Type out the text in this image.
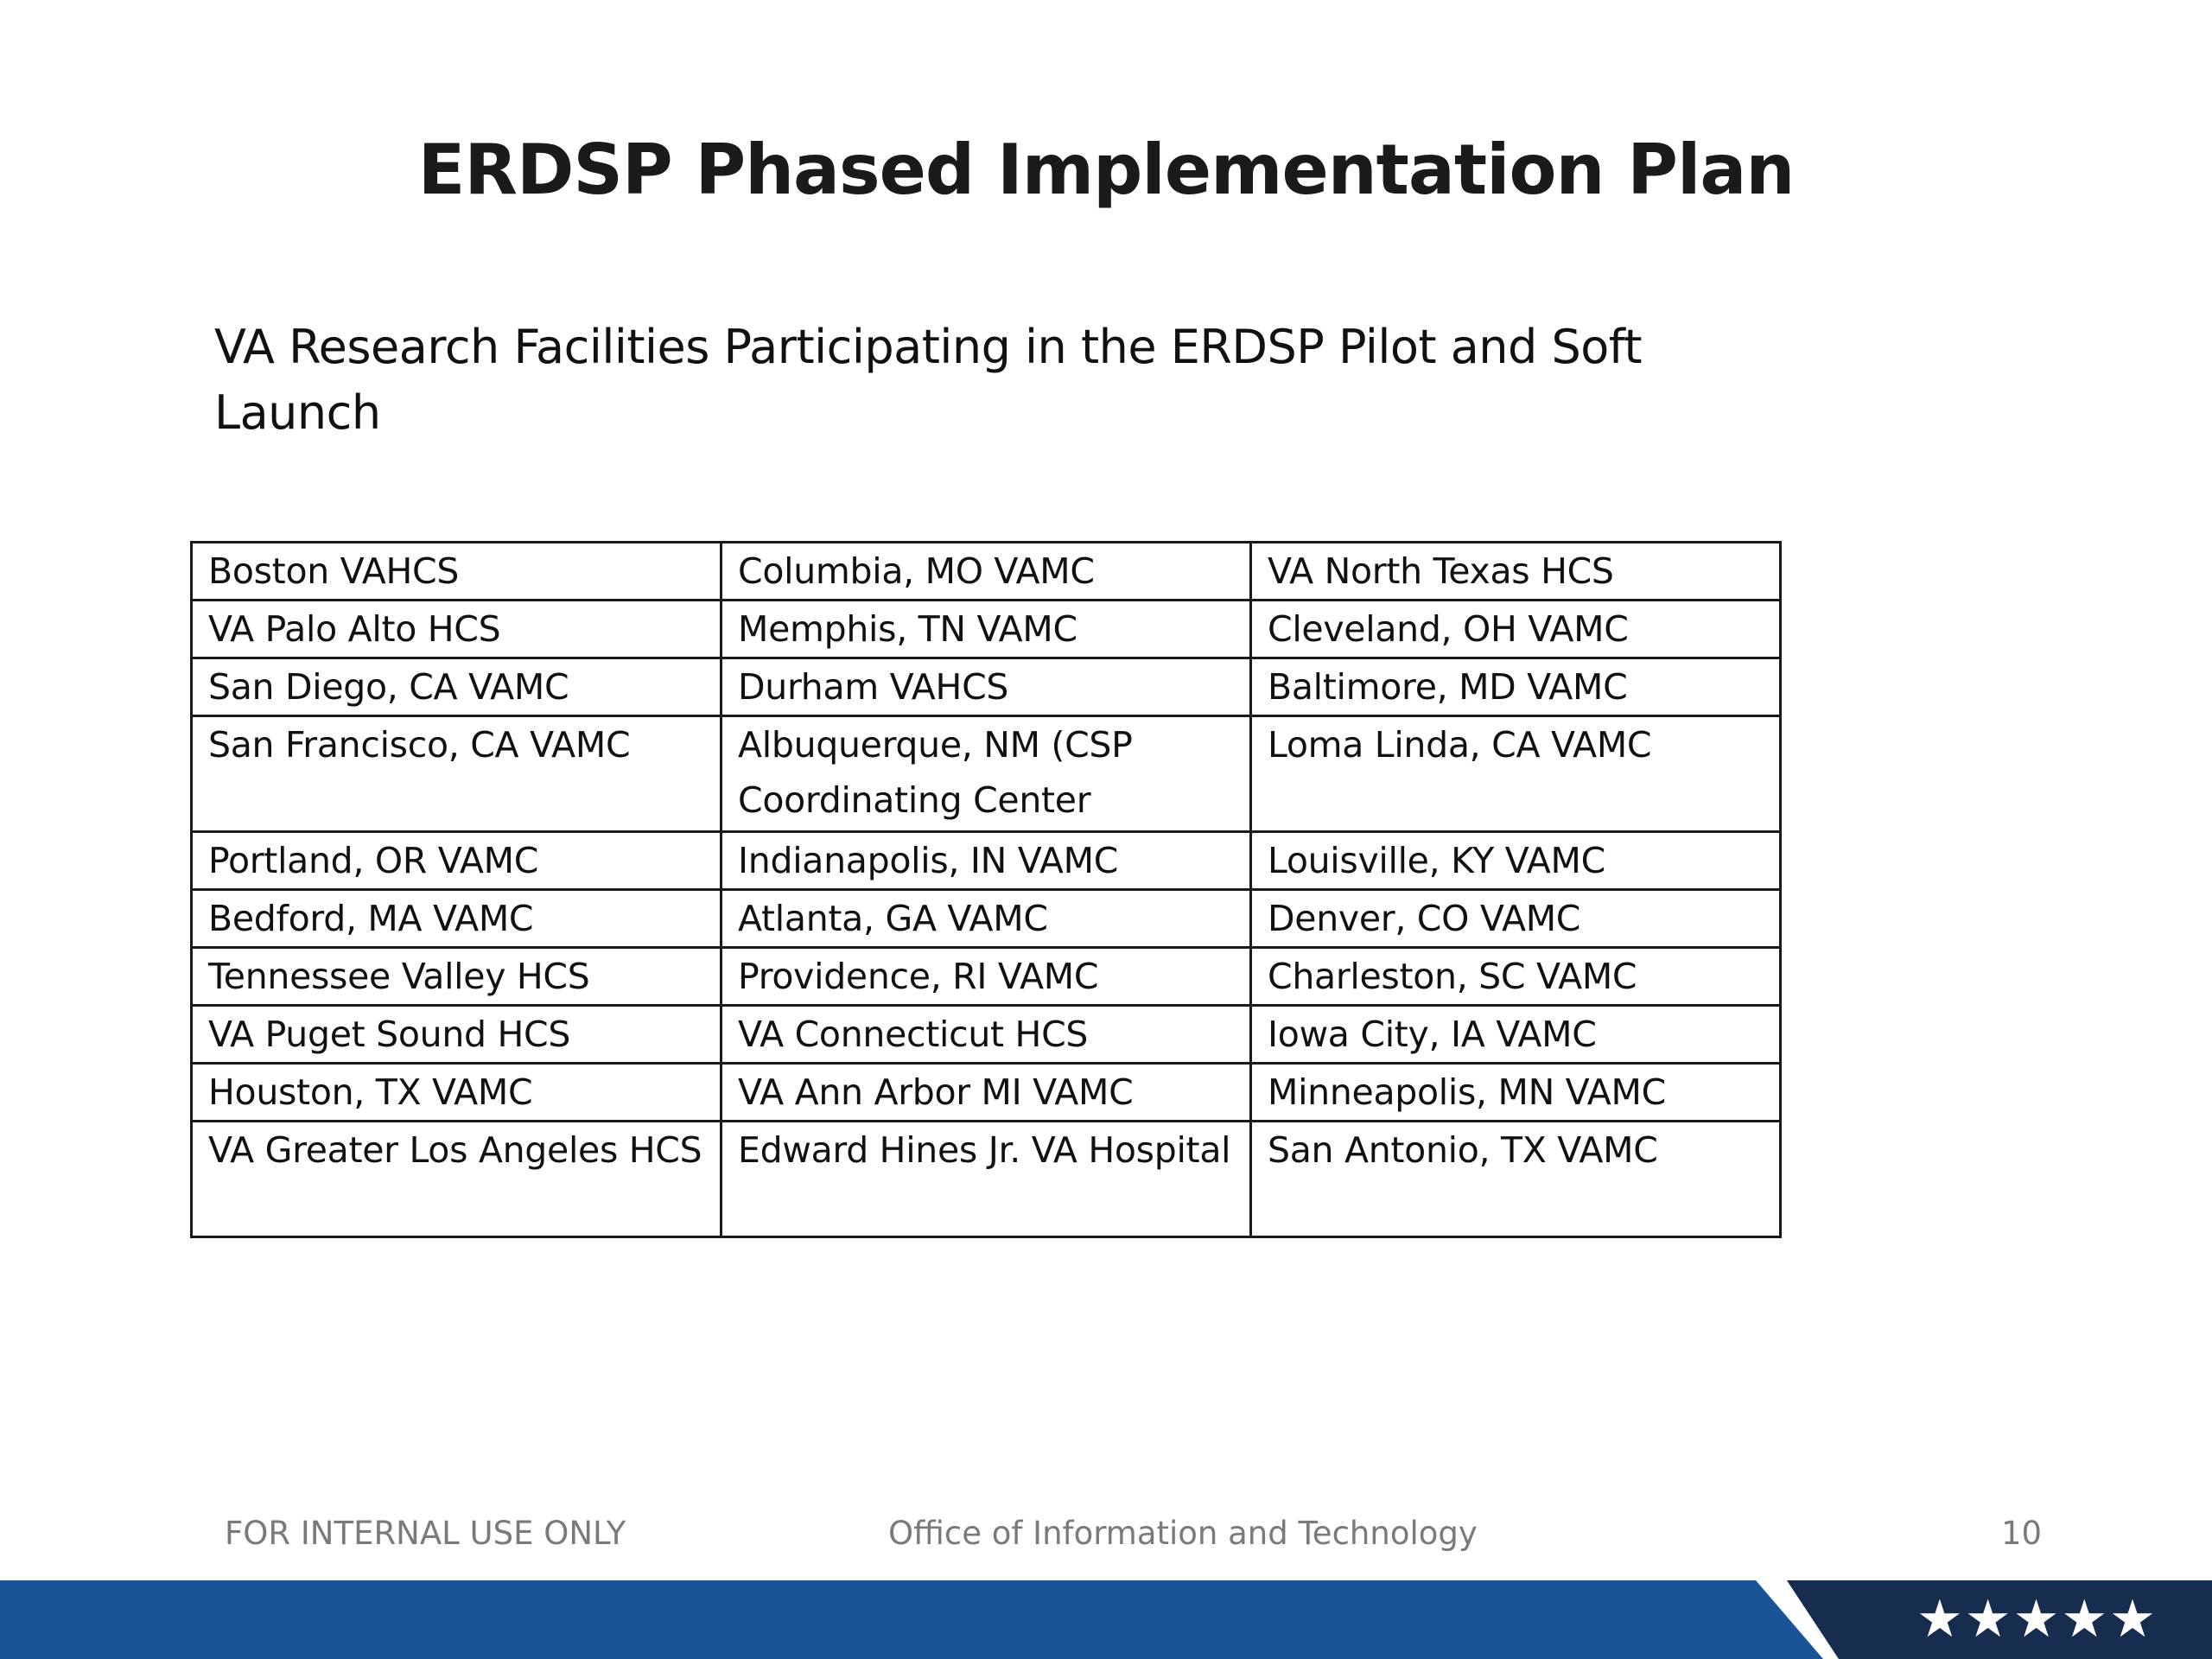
ERDSP Phased Implementation Plan
VA Research Facilities Participating in the ERDSP Pilot and Soft Launch
Boston VAHCS	Columbia, MO VAMC	VA North Texas HCS
VA Palo Alto HCS	Memphis, TN VAMC	Cleveland, OH VAMC
San Diego, CA VAMC	Durham VAHCS	Baltimore, MD VAMC
San Francisco, CA VAMC	Albuquerque, NM (CSP Coordinating Center	Loma Linda, CA VAMC
Portland, OR VAMC	Indianapolis, IN VAMC	Louisville, KY VAMC
Bedford, MA VAMC	Atlanta, GA VAMC	Denver, CO VAMC
Tennessee Valley HCS	Providence, RI VAMC	Charleston, SC VAMC
VA Puget Sound HCS	VA Connecticut HCS	Iowa City, IA VAMC
Houston, TX VAMC	VA Ann Arbor MI VAMC	Minneapolis, MN VAMC
VA Greater Los Angeles HCS	Edward Hines Jr. VA Hospital	San Antonio, TX VAMC
FOR INTERNAL USE ONLY	Office of Information and Technology	10
★★★★★
